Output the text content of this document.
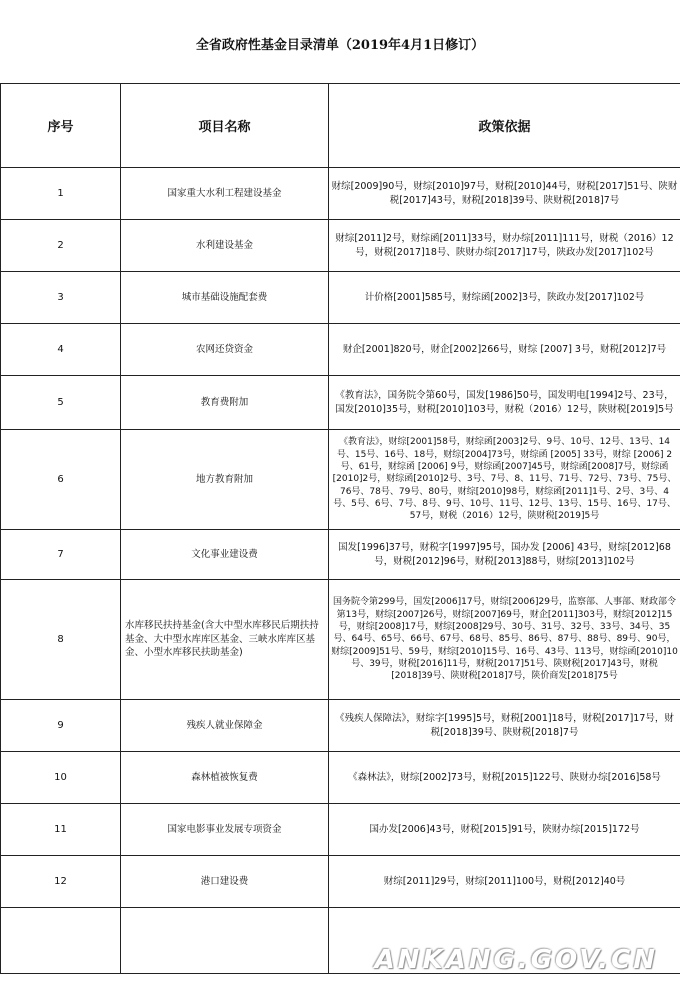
全省政府性基金目录清单（2019年4月1日修订）
序号	项目名称	政策依据
1	国家重大水利工程建设基金	财综[2009]90号，财综[2010]97号，财税[2010]44号，财税[2017]51号、陕财税[2017]43号，财税[2018]39号、陕财税[2018]7号
2	水利建设基金	财综[2011]2号，财综函[2011]33号，财办综[2011]111号，财税（2016）12号，财税[2017]18号、陕财办综[2017]17号，陕政办发[2017]102号
3	城市基础设施配套费	计价格[2001]585号，财综函[2002]3号，陕政办发[2017]102号
4	农网还贷资金	财企[2001]820号，财企[2002]266号，财综 [2007] 3号，财税[2012]7号
5	教育费附加	《教育法》，国务院令第60号，国发[1986]50号，国发明电[1994]2号、23号，国发[2010]35号，财税[2010]103号，财税（2016）12号，陕财税[2019]5号
6	地方教育附加	《教育法》，财综[2001]58号，财综函[2003]2号、9号、10号、12号、13号、14号、15号、16号、18号，财综[2004]73号，财综函 [2005] 33号，财综 [2006] 2号、61号，财综函 [2006] 9号，财综函[2007]45号，财综函[2008]7号，财综函[2010]2号，财综函[2010]2号、3号、7号、8、11号、71号、72号、73号、75号、76号、78号、79号、80号，财综[2010]98号，财综函[2011]1号、2号、3号、4号、5号、6号、7号、8号、9号、10号、11号、12号、13号、15号、16号、17号、57号，财税（2016）12号，陕财税[2019]5号
7	文化事业建设费	国发[1996]37号，财税字[1997]95号，国办发 [2006] 43号，财综[2012]68号，财税[2012]96号，财税[2013]88号，财综[2013]102号
8	水库移民扶持基金(含大中型水库移民后期扶持基金、大中型水库库区基金、三峡水库库区基金、小型水库移民扶助基金)	国务院令第299号，国发[2006]17号，财综[2006]29号，监察部、人事部、财政部令第13号，财综[2007]26号，财综[2007]69号，财企[2011]303号，财综[2012]15号，财综[2008]17号，财综[2008]29号、30号、31号、32号、33号、34号、35号、64号、65号、66号、67号、68号、85号、86号、87号、88号、89号、90号，财综[2009]51号、59号，财综[2010]15号、16号、43号、113号，财综函[2010]10号、39号，财税[2016]11号，财税[2017]51号、陕财税[2017]43号，财税[2018]39号、陕财税[2018]7号，陕价商发[2018]75号
9	残疾人就业保障金	《残疾人保障法》，财综字[1995]5号，财税[2001]18号，财税[2017]17号，财税[2018]39号、陕财税[2018]7号
10	森林植被恢复费	《森林法》，财综[2002]73号，财税[2015]122号、陕财办综[2016]58号
11	国家电影事业发展专项资金	国办发[2006]43号，财税[2015]91号，陕财办综[2015]172号
12	港口建设费	财综[2011]29号，财综[2011]100号，财税[2012]40号

ANKANG.GOV.CN
